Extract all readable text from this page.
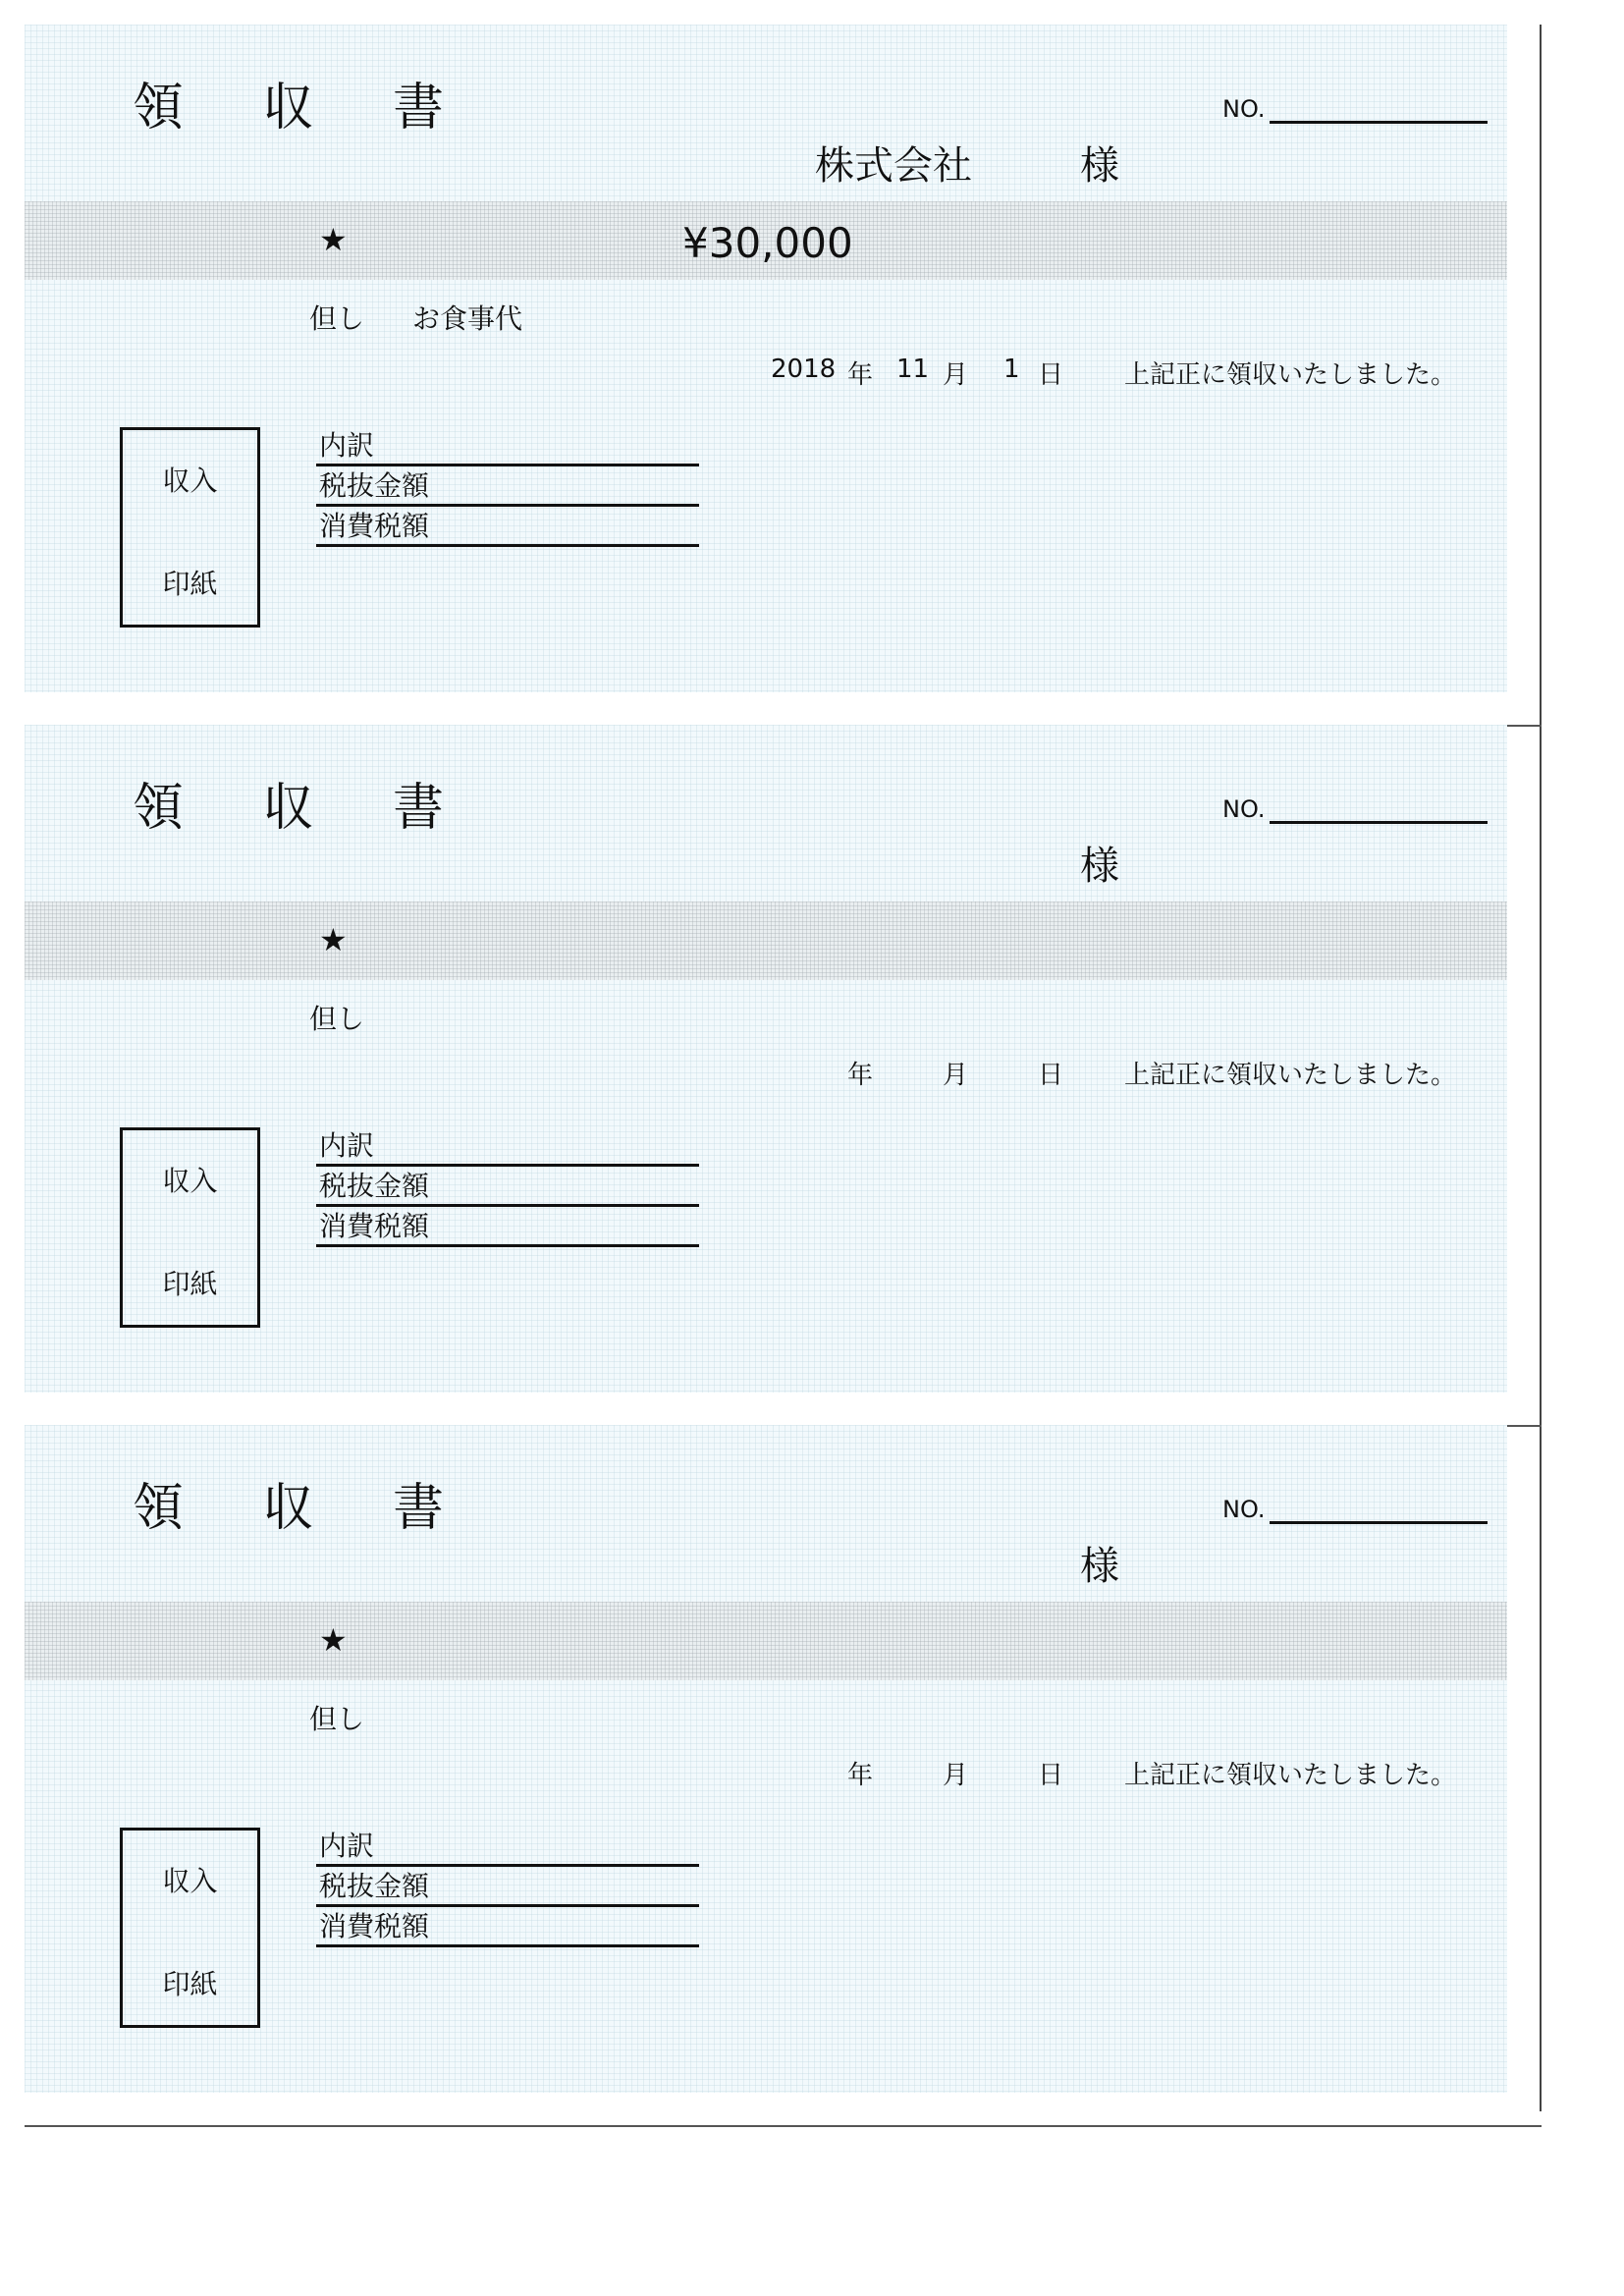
領 収 書	NO.
株式会社	様
★	¥30,000
但し お食事代
2018 年 11 月 1 日 上記正に領収いたしました。
収入
印紙
内訳
税抜金額
消費税額
領 収 書	NO.
様
★
但し
年	月	日 上記正に領収いたしました。
収入
印紙
内訳
税抜金額
消費税額
領 収 書	NO.
様
★
但し
年	月	日 上記正に領収いたしました。
収入
印紙
内訳
税抜金額
消費税額
